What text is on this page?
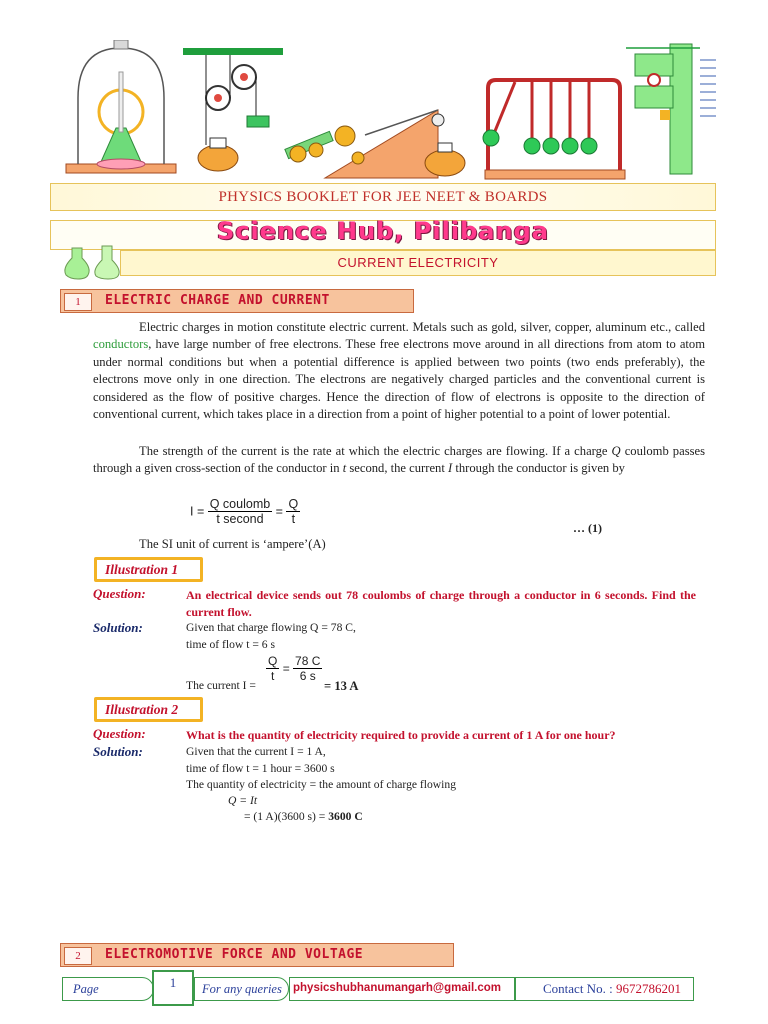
PHYSICS BOOKLET FOR JEE NEET & BOARDS
Science Hub, Pilibanga
CURRENT ELECTRICITY
1	ELECTRIC CHARGE AND CURRENT
Electric charges in motion constitute electric current. Metals such as gold, silver, copper, aluminum etc., called conductors, have large number of free electrons. These free electrons move around in all directions from atom to atom under normal conditions but when a potential difference is applied between two points (two ends preferably), the electrons move only in one direction. The electrons are negatively charged particles and the conventional current is considered as the flow of positive charges. Hence the direction of flow of electrons is opposite to the direction of conventional current, which takes place in a direction from a point of higher potential to a point of lower potential.
The strength of the current is the rate at which the electric charges are flowing. If a charge Q coulomb passes through a given cross-section of the conductor in t second, the current I through the conductor is given by
$I = \frac{\text{Q coulomb}}{\text{t second}} = \frac{Q}{t}$
… (1)
The SI unit of current is ‘ampere’(A)
Illustration 1
Question:	An electrical device sends out 78 coulombs of charge through a conductor in 6 seconds. Find the current flow.
Solution:	Given that charge flowing Q = 78 C,
time of flow t = 6 s
The current I =
$\frac{Q}{t} = \frac{78 C}{6 s}$
= 13 A
Illustration 2
Question:	What is the quantity of electricity required to provide a current of 1 A for one hour?
Solution:	Given that the current I = 1 A,
time of flow t = 1 hour = 3600 s
The quantity of electricity = the amount of charge flowing
Q = It
= (1 A)(3600 s) = 3600 C
2	ELECTROMOTIVE FORCE AND VOLTAGE
Page	1	For any queries physicshubhanumangarh@gmail.com	Contact No. : 9672786201
